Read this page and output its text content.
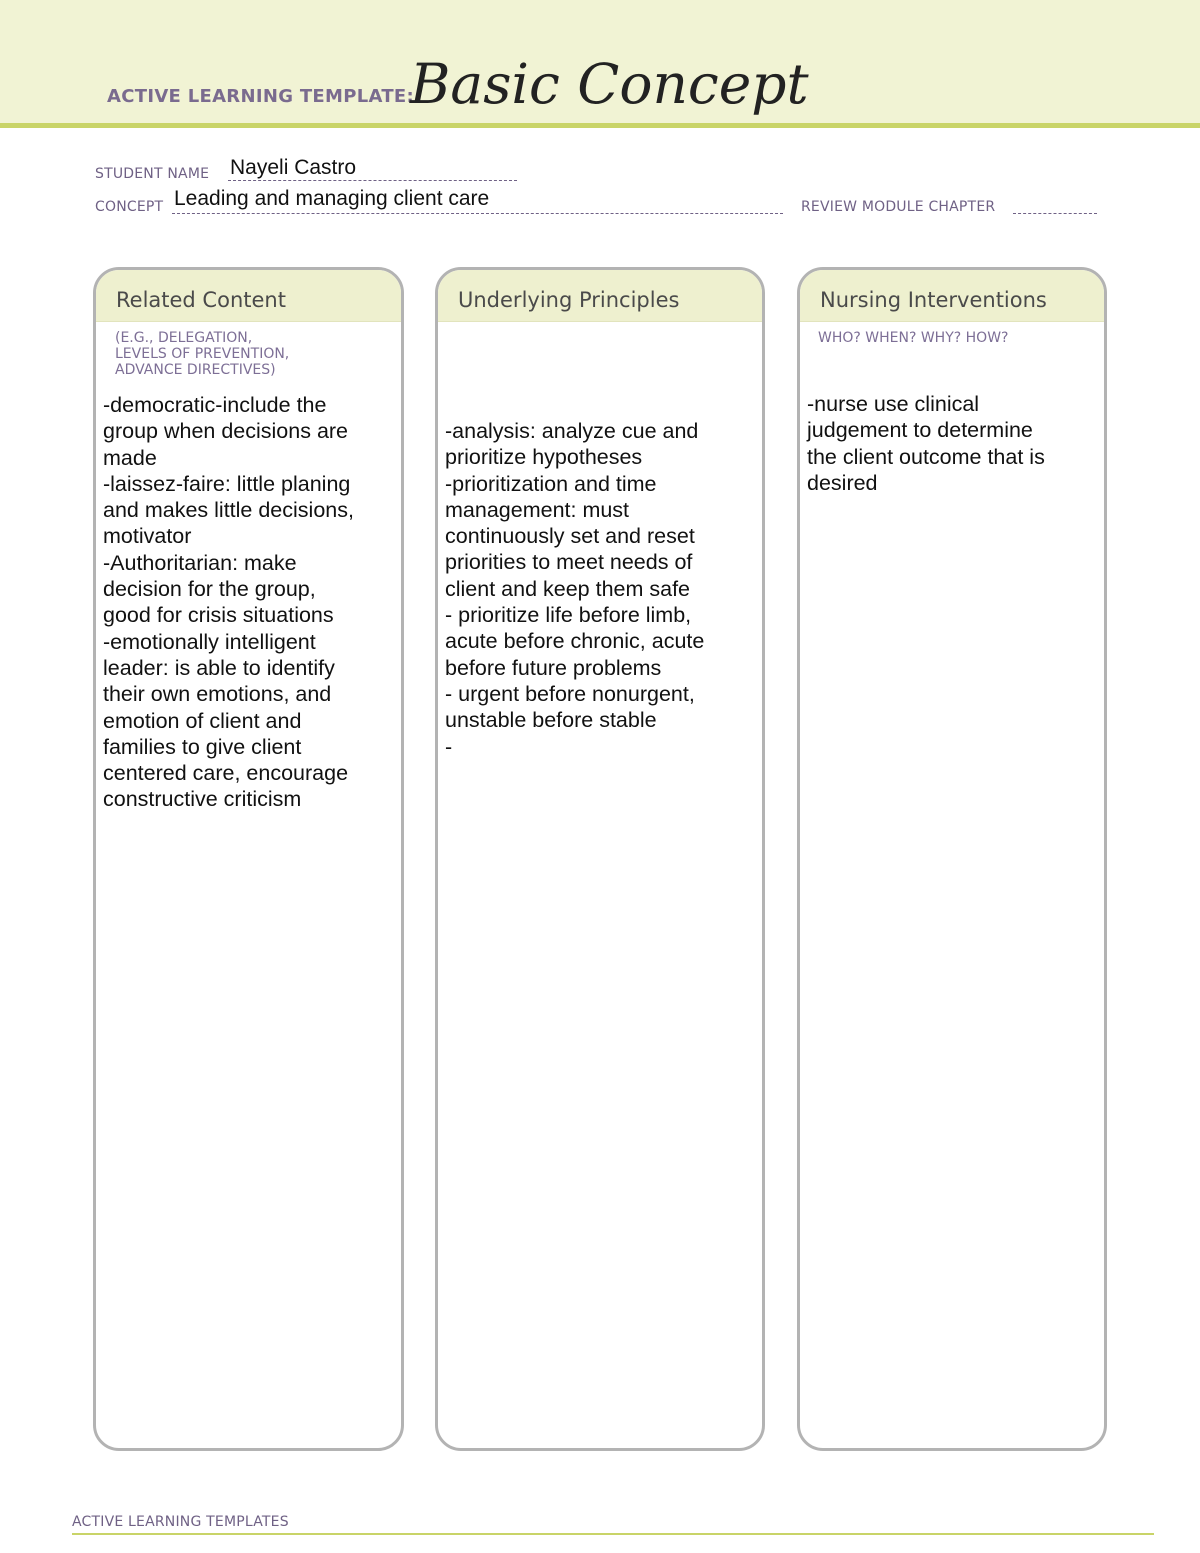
ACTIVE LEARNING TEMPLATE:
Basic Concept
STUDENT NAME Nayeli Castro
CONCEPT Leading and managing client care	REVIEW MODULE CHAPTER
Related Content
(E.G., DELEGATION,
LEVELS OF PREVENTION,
ADVANCE DIRECTIVES)
-democratic-include the
group when decisions are
made
-laissez-faire: little planing
and makes little decisions,
motivator
-Authoritarian: make
decision for the group,
good for crisis situations
-emotionally intelligent
leader: is able to identify
their own emotions, and
emotion of client and
families to give client
centered care, encourage
constructive criticism
Underlying Principles
-analysis: analyze cue and
prioritize hypotheses
-prioritization and time
management: must
continuously set and reset
priorities to meet needs of
client and keep them safe
- prioritize life before limb,
acute before chronic, acute
before future problems
- urgent before nonurgent,
unstable before stable
-
Nursing Interventions
WHO? WHEN? WHY? HOW?
-nurse use clinical
judgement to determine
the client outcome that is
desired
ACTIVE LEARNING TEMPLATES
